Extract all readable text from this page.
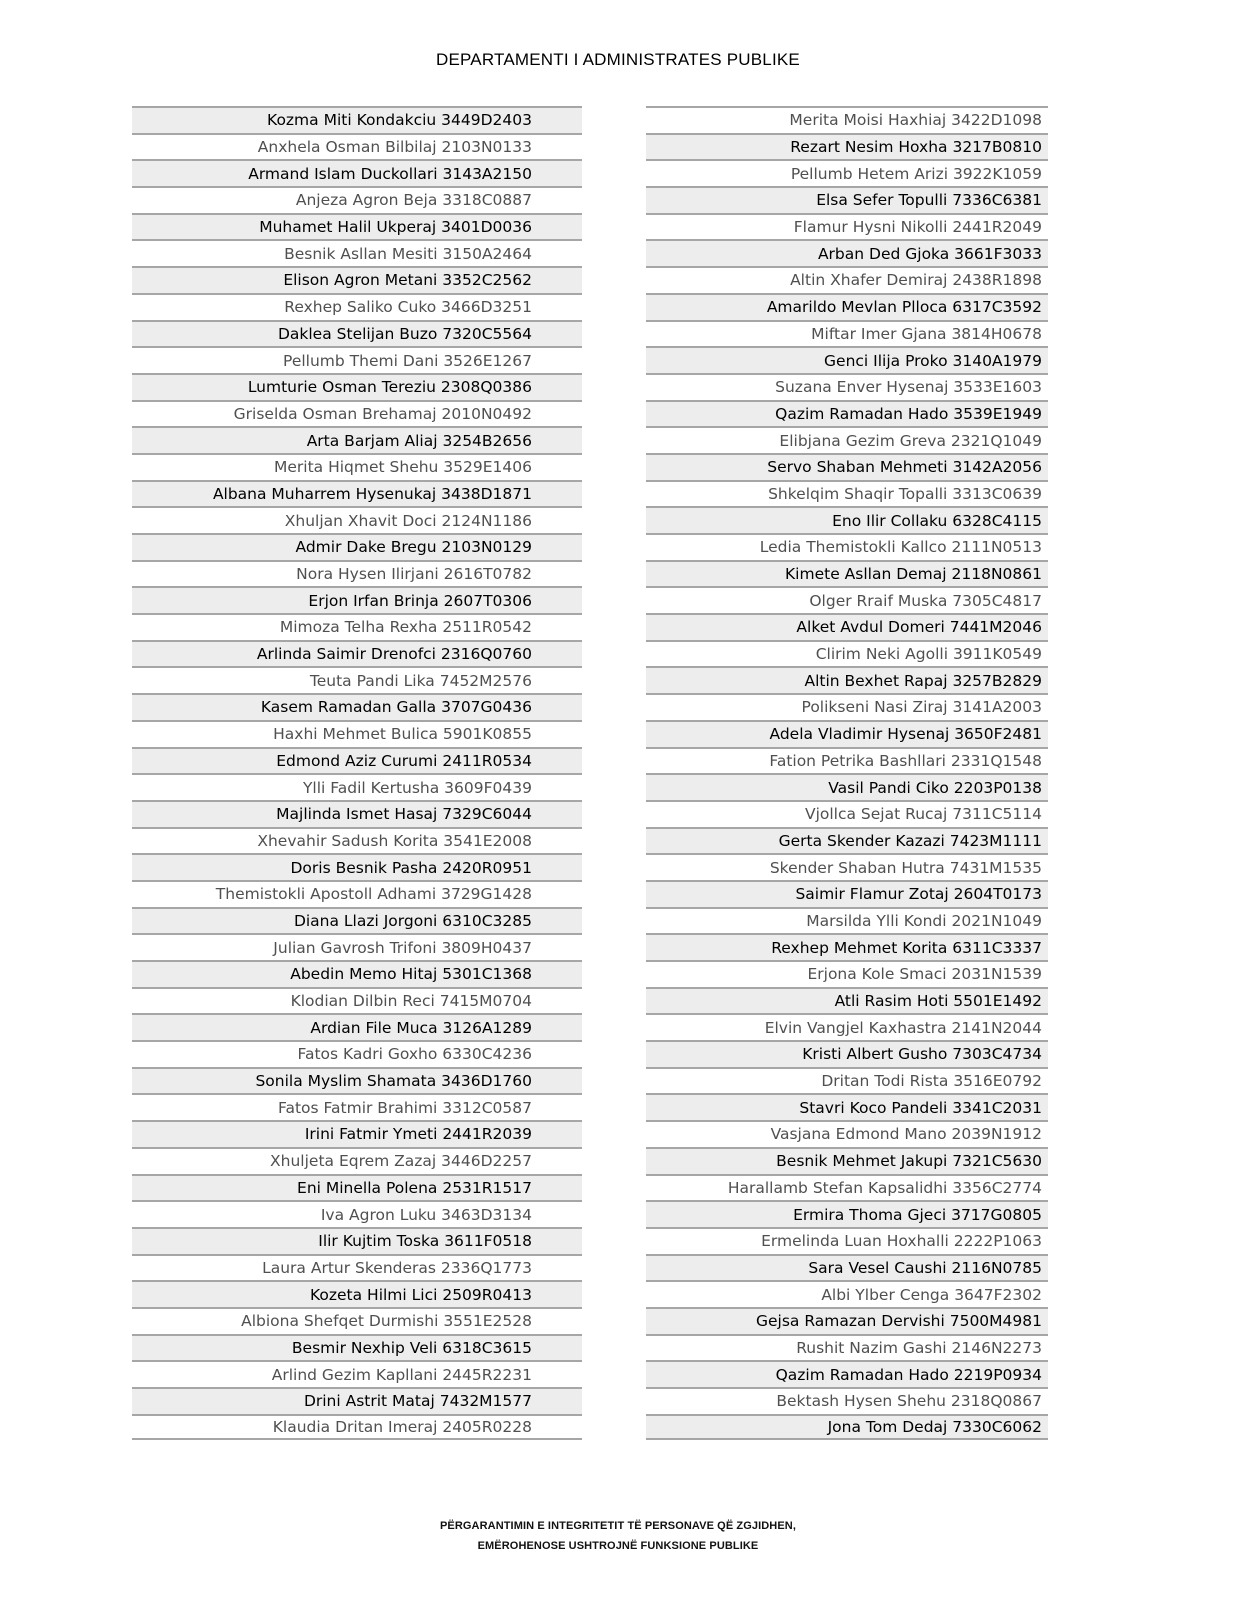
DEPARTAMENTI I ADMINISTRATES PUBLIKE
Kozma Miti Kondakciu 3449D2403
Anxhela Osman Bilbilaj 2103N0133
Armand Islam Duckollari 3143A2150
Anjeza Agron Beja 3318C0887
Muhamet Halil Ukperaj 3401D0036
Besnik Asllan Mesiti 3150A2464
Elison Agron Metani 3352C2562
Rexhep Saliko Cuko 3466D3251
Daklea Stelijan Buzo 7320C5564
Pellumb Themi Dani 3526E1267
Lumturie Osman Tereziu 2308Q0386
Griselda Osman Brehamaj 2010N0492
Arta Barjam Aliaj 3254B2656
Merita Hiqmet Shehu 3529E1406
Albana Muharrem Hysenukaj 3438D1871
Xhuljan Xhavit Doci 2124N1186
Admir Dake Bregu 2103N0129
Nora Hysen Ilirjani 2616T0782
Erjon Irfan Brinja 2607T0306
Mimoza Telha Rexha 2511R0542
Arlinda Saimir Drenofci 2316Q0760
Teuta Pandi Lika 7452M2576
Kasem Ramadan Galla 3707G0436
Haxhi Mehmet Bulica 5901K0855
Edmond Aziz Curumi 2411R0534
Ylli Fadil Kertusha 3609F0439
Majlinda Ismet Hasaj 7329C6044
Xhevahir Sadush Korita 3541E2008
Doris Besnik Pasha 2420R0951
Themistokli Apostoll Adhami 3729G1428
Diana Llazi Jorgoni 6310C3285
Julian Gavrosh Trifoni 3809H0437
Abedin Memo Hitaj 5301C1368
Klodian Dilbin Reci 7415M0704
Ardian File Muca 3126A1289
Fatos Kadri Goxho 6330C4236
Sonila Myslim Shamata 3436D1760
Fatos Fatmir Brahimi 3312C0587
Irini Fatmir Ymeti 2441R2039
Xhuljeta Eqrem Zazaj 3446D2257
Eni Minella Polena 2531R1517
Iva Agron Luku 3463D3134
Ilir Kujtim Toska 3611F0518
Laura Artur Skenderas 2336Q1773
Kozeta Hilmi Lici 2509R0413
Albiona Shefqet Durmishi 3551E2528
Besmir Nexhip Veli 6318C3615
Arlind Gezim Kapllani 2445R2231
Drini Astrit Mataj 7432M1577
Klaudia Dritan Imeraj 2405R0228
Merita Moisi Haxhiaj 3422D1098
Rezart Nesim Hoxha 3217B0810
Pellumb Hetem Arizi 3922K1059
Elsa Sefer Topulli 7336C6381
Flamur Hysni Nikolli 2441R2049
Arban Ded Gjoka 3661F3033
Altin Xhafer Demiraj 2438R1898
Amarildo Mevlan Plloca 6317C3592
Miftar Imer Gjana 3814H0678
Genci Ilija Proko 3140A1979
Suzana Enver Hysenaj 3533E1603
Qazim Ramadan Hado 3539E1949
Elibjana Gezim Greva 2321Q1049
Servo Shaban Mehmeti 3142A2056
Shkelqim Shaqir Topalli 3313C0639
Eno Ilir Collaku 6328C4115
Ledia Themistokli Kallco 2111N0513
Kimete Asllan Demaj 2118N0861
Olger Rraif Muska 7305C4817
Alket Avdul Domeri 7441M2046
Clirim Neki Agolli 3911K0549
Altin Bexhet Rapaj 3257B2829
Polikseni Nasi Ziraj 3141A2003
Adela Vladimir Hysenaj 3650F2481
Fation Petrika Bashllari 2331Q1548
Vasil Pandi Ciko 2203P0138
Vjollca Sejat Rucaj 7311C5114
Gerta Skender Kazazi 7423M1111
Skender Shaban Hutra 7431M1535
Saimir Flamur Zotaj 2604T0173
Marsilda Ylli Kondi 2021N1049
Rexhep Mehmet Korita 6311C3337
Erjona Kole Smaci 2031N1539
Atli Rasim Hoti 5501E1492
Elvin Vangjel Kaxhastra 2141N2044
Kristi Albert Gusho 7303C4734
Dritan Todi Rista 3516E0792
Stavri Koco Pandeli 3341C2031
Vasjana Edmond Mano 2039N1912
Besnik Mehmet Jakupi 7321C5630
Harallamb Stefan Kapsalidhi 3356C2774
Ermira Thoma Gjeci 3717G0805
Ermelinda Luan Hoxhalli 2222P1063
Sara Vesel Caushi 2116N0785
Albi Ylber Cenga 3647F2302
Gejsa Ramazan Dervishi 7500M4981
Rushit Nazim Gashi 2146N2273
Qazim Ramadan Hado 2219P0934
Bektash Hysen Shehu 2318Q0867
Jona Tom Dedaj 7330C6062
PËRGARANTIMIN E INTEGRITETIT TË PERSONAVE QË ZGJIDHEN,
EMËROHENOSE USHTROJNË FUNKSIONE PUBLIKE
